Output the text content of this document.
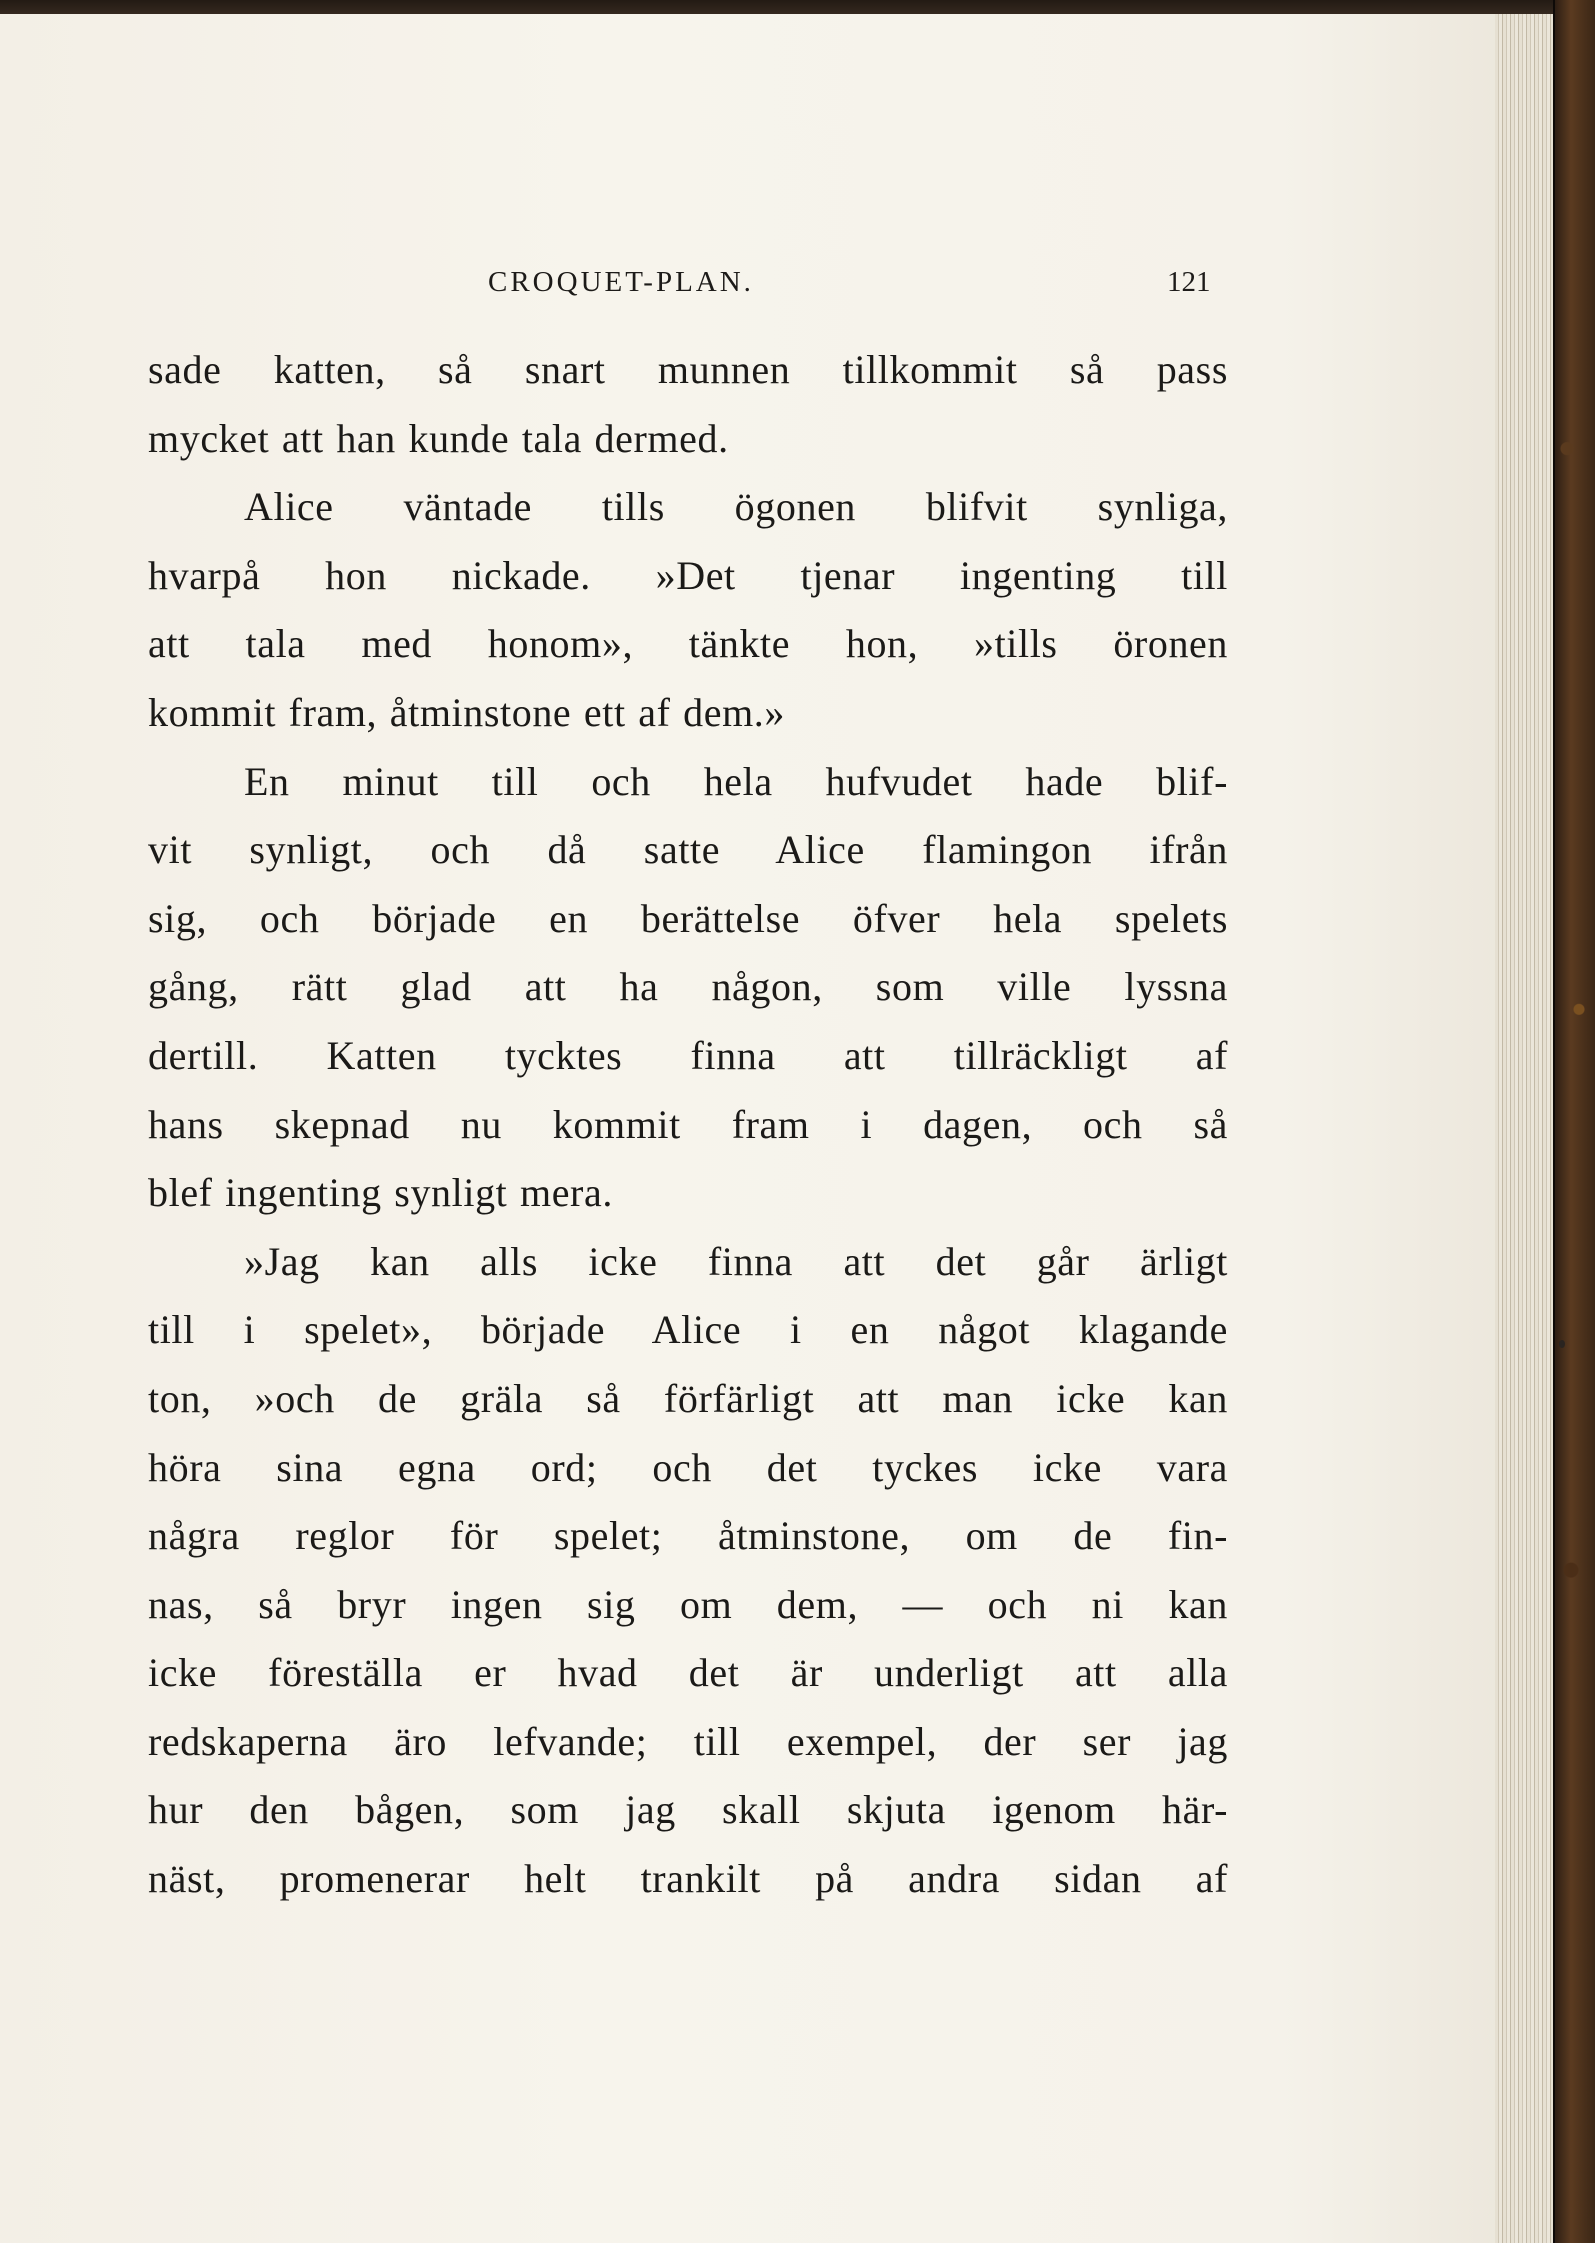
CROQUET-PLAN.	121
sade katten, så snart munnen tillkommit så pass
mycket att han kunde tala dermed.
Alice väntade tills ögonen blifvit synliga,
hvarpå hon nickade. »Det tjenar ingenting till
att tala med honom», tänkte hon, »tills öronen
kommit fram, åtminstone ett af dem.»
En minut till och hela hufvudet hade blif-
vit synligt, och då satte Alice flamingon ifrån
sig, och började en berättelse öfver hela spelets
gång, rätt glad att ha någon, som ville lyssna
dertill. Katten tycktes finna att tillräckligt af
hans skepnad nu kommit fram i dagen, och så
blef ingenting synligt mera.
»Jag kan alls icke finna att det går ärligt
till i spelet», började Alice i en något klagande
ton, »och de gräla så förfärligt att man icke kan
höra sina egna ord; och det tyckes icke vara
några reglor för spelet; åtminstone, om de fin-
nas, så bryr ingen sig om dem, — och ni kan
icke föreställa er hvad det är underligt att alla
redskaperna äro lefvande; till exempel, der ser jag
hur den bågen, som jag skall skjuta igenom här-
näst, promenerar helt trankilt på andra sidan af
